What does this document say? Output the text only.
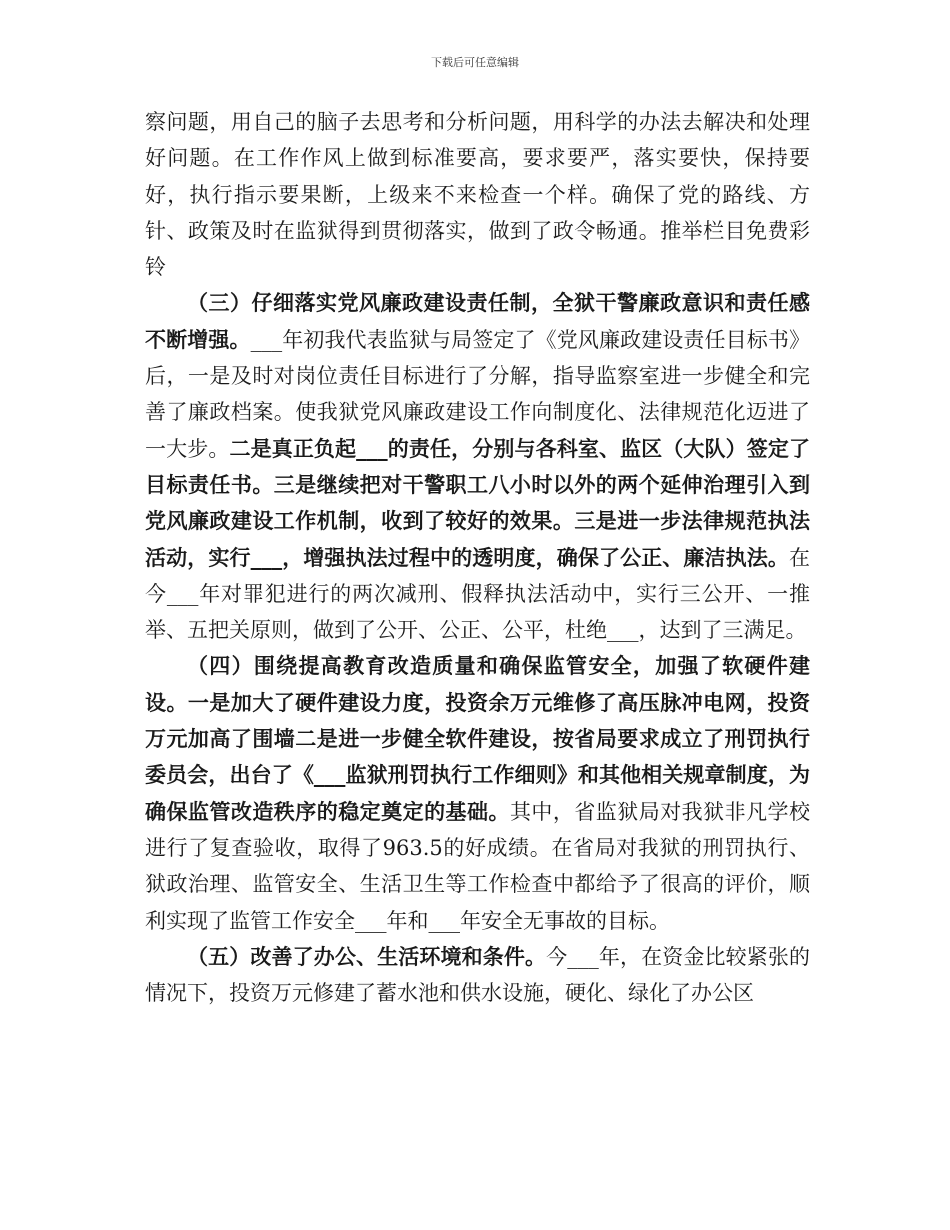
下载后可任意编辑

察问题，用自己的脑子去思考和分析问题，用科学的办法去解决和处理好问题。在工作作风上做到标准要高，要求要严，落实要快，保持要好，执行指示要果断，上级来不来检查一个样。确保了党的路线、方针、政策及时在监狱得到贯彻落实，做到了政令畅通。推举栏目免费彩铃

（三）仔细落实党风廉政建设责任制，全狱干警廉政意识和责任感不断增强。___年初我代表监狱与局签定了《党风廉政建设责任目标书》后，一是及时对岗位责任目标进行了分解，指导监察室进一步健全和完善了廉政档案。使我狱党风廉政建设工作向制度化、法律规范化迈进了一大步。二是真正负起___的责任，分别与各科室、监区（大队）签定了目标责任书。三是继续把对干警职工八小时以外的两个延伸治理引入到党风廉政建设工作机制，收到了较好的效果。三是进一步法律规范执法活动，实行___，增强执法过程中的透明度，确保了公正、廉洁执法。在今___年对罪犯进行的两次减刑、假释执法活动中，实行三公开、一推举、五把关原则，做到了公开、公正、公平，杜绝___，达到了三满足。

（四）围绕提高教育改造质量和确保监管安全，加强了软硬件建设。一是加大了硬件建设力度，投资余万元维修了高压脉冲电网，投资万元加高了围墙二是进一步健全软件建设，按省局要求成立了刑罚执行委员会，出台了《___监狱刑罚执行工作细则》和其他相关规章制度，为确保监管改造秩序的稳定奠定的基础。其中，省监狱局对我狱非凡学校进行了复查验收，取得了963.5的好成绩。在省局对我狱的刑罚执行、狱政治理、监管安全、生活卫生等工作检查中都给予了很高的评价，顺利实现了监管工作安全___年和___年安全无事故的目标。

（五）改善了办公、生活环境和条件。今___年，在资金比较紧张的情况下，投资万元修建了蓄水池和供水设施，硬化、绿化了办公区
